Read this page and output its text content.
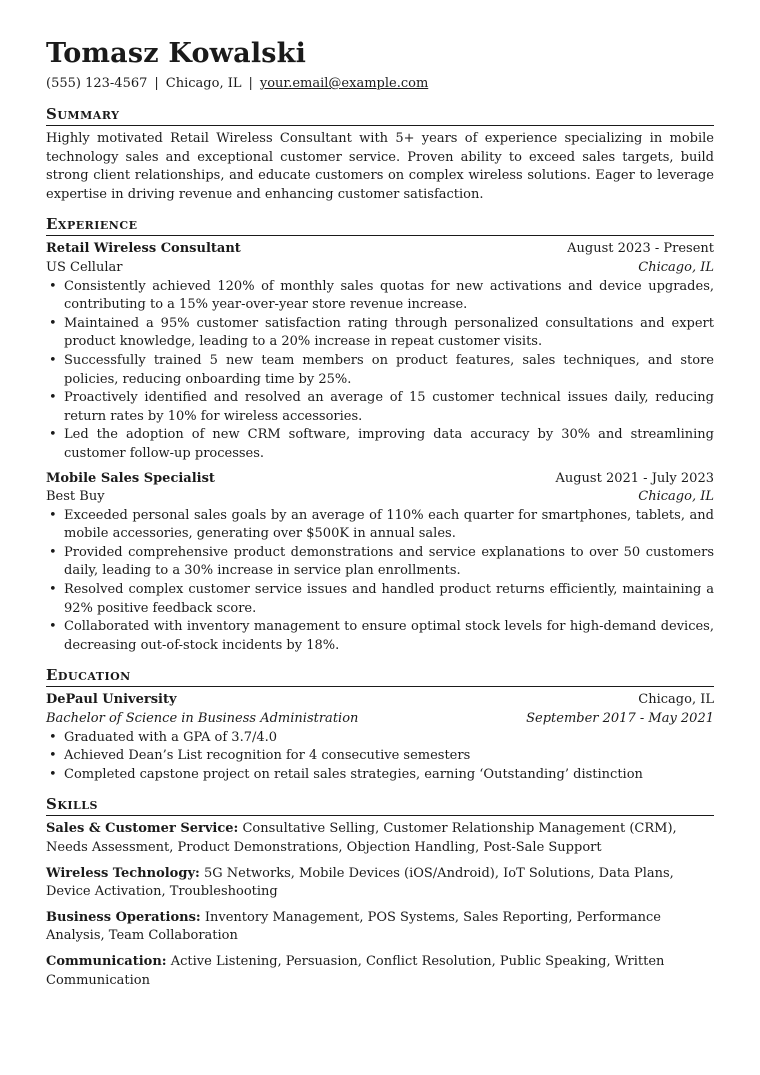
Tomasz Kowalski
(555) 123-4567 | Chicago, IL | your.email@example.com
Summary

Highly motivated Retail Wireless Consultant with 5+ years of experience specializing in mobile technology sales and exceptional customer service. Proven ability to exceed sales targets, build strong client relationships, and educate customers on complex wireless solutions. Eager to leverage expertise in driving revenue and enhancing customer satisfaction.

Experience
Retail Wireless Consultant	August 2023 - Present
US Cellular	Chicago, IL
• Consistently achieved 120% of monthly sales quotas for new activations and device upgrades, contributing to a 15% year-over-year store revenue increase.
• Maintained a 95% customer satisfaction rating through personalized consultations and expert product knowledge, leading to a 20% increase in repeat customer visits.
• Successfully trained 5 new team members on product features, sales techniques, and store policies, reducing onboarding time by 25%.
• Proactively identified and resolved an average of 15 customer technical issues daily, reducing return rates by 10% for wireless accessories.
• Led the adoption of new CRM software, improving data accuracy by 30% and streamlining customer follow-up processes.
Mobile Sales Specialist	August 2021 - July 2023
Best Buy	Chicago, IL
• Exceeded personal sales goals by an average of 110% each quarter for smartphones, tablets, and mobile accessories, generating over $500K in annual sales.
• Provided comprehensive product demonstrations and service explanations to over 50 customers daily, leading to a 30% increase in service plan enrollments.
• Resolved complex customer service issues and handled product returns efficiently, maintaining a 92% positive feedback score.
• Collaborated with inventory management to ensure optimal stock levels for high-demand devices, decreasing out-of-stock incidents by 18%.
Education
DePaul University	Chicago, IL
Bachelor of Science in Business Administration	September 2017 - May 2021
• Graduated with a GPA of 3.7/4.0
• Achieved Dean’s List recognition for 4 consecutive semesters
• Completed capstone project on retail sales strategies, earning ‘Outstanding’ distinction
Skills

Sales & Customer Service: Consultative Selling, Customer Relationship Management (CRM), Needs Assessment, Product Demonstrations, Objection Handling, Post-Sale Support

Wireless Technology: 5G Networks, Mobile Devices (iOS/Android), IoT Solutions, Data Plans, Device Activation, Troubleshooting

Business Operations: Inventory Management, POS Systems, Sales Reporting, Performance Analysis, Team Collaboration

Communication: Active Listening, Persuasion, Conflict Resolution, Public Speaking, Written Communication
